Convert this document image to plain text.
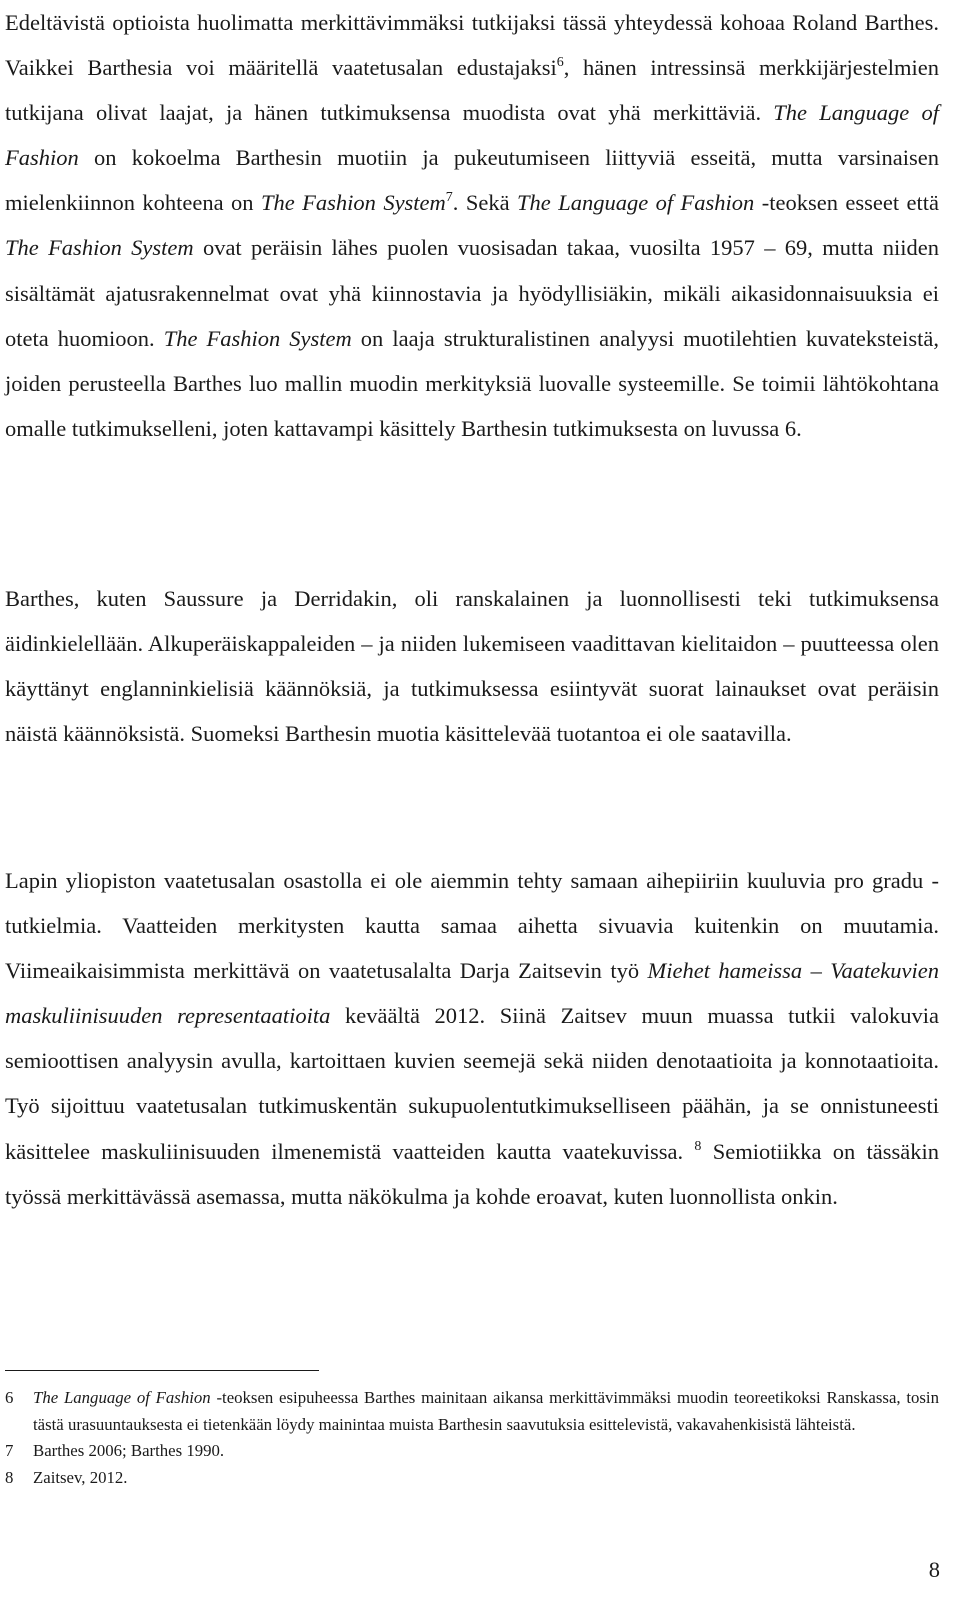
Edeltävistä optioista huolimatta merkittävimmäksi tutkijaksi tässä yhteydessä kohoaa Roland Barthes. Vaikkei Barthesia voi määritellä vaatetusalan edustajaksi$^6$, hänen intressinsä merkkijärjestelmien tutkijana olivat laajat, ja hänen tutkimuksensa muodista ovat yhä merkittäviä. The Language of Fashion on kokoelma Barthesin muotiin ja pukeutumiseen liittyviä esseitä, mutta varsinaisen mielenkiinnon kohteena on The Fashion System$^7$. Sekä The Language of Fashion -teoksen esseet että The Fashion System ovat peräisin lähes puolen vuosisadan takaa, vuosilta 1957 – 69, mutta niiden sisältämät ajatusrakennelmat ovat yhä kiinnostavia ja hyödyllisiäkin, mikäli aikasidonnaisuuksia ei oteta huomioon. The Fashion System on laaja strukturalistinen analyysi muotilehtien kuvateksteistä, joiden perusteella Barthes luo mallin muodin merkityksiä luovalle systeemille. Se toimii lähtökohtana omalle tutkimukselleni, joten kattavampi käsittely Barthesin tutkimuksesta on luvussa 6.

Barthes, kuten Saussure ja Derridakin, oli ranskalainen ja luonnollisesti teki tutkimuksensa äidinkielellään. Alkuperäiskappaleiden – ja niiden lukemiseen vaadittavan kielitaidon – puutteessa olen käyttänyt englanninkielisiä käännöksiä, ja tutkimuksessa esiintyvät suorat lainaukset ovat peräisin näistä käännöksistä. Suomeksi Barthesin muotia käsittelevää tuotantoa ei ole saatavilla.

Lapin yliopiston vaatetusalan osastolla ei ole aiemmin tehty samaan aihepiiriin kuuluvia pro gradu -tutkielmia. Vaatteiden merkitysten kautta samaa aihetta sivuavia kuitenkin on muutamia. Viimeaikaisimmista merkittävä on vaatetusalalta Darja Zaitsevin työ Miehet hameissa – Vaatekuvien maskuliinisuuden representaatioita keväältä 2012. Siinä Zaitsev muun muassa tutkii valokuvia semioottisen analyysin avulla, kartoittaen kuvien seemejä sekä niiden denotaatioita ja konnotaatioita. Työ sijoittuu vaatetusalan tutkimuskentän sukupuolentutkimukselliseen päähän, ja se onnistuneesti käsittelee maskuliinisuuden ilmenemistä vaatteiden kautta vaatekuvissa. $^8$ Semiotiikka on tässäkin työssä merkittävässä asemassa, mutta näkökulma ja kohde eroavat, kuten luonnollista onkin.

6 The Language of Fashion -teoksen esipuheessa Barthes mainitaan aikansa merkittävimmäksi muodin teoreetikoksi Ranskassa, tosin tästä urasuuntauksesta ei tietenkään löydy mainintaa muista Barthesin saavutuksia esittelevistä, vakavahenkisistä lähteistä.
7 Barthes 2006; Barthes 1990.
8 Zaitsev, 2012.
8
